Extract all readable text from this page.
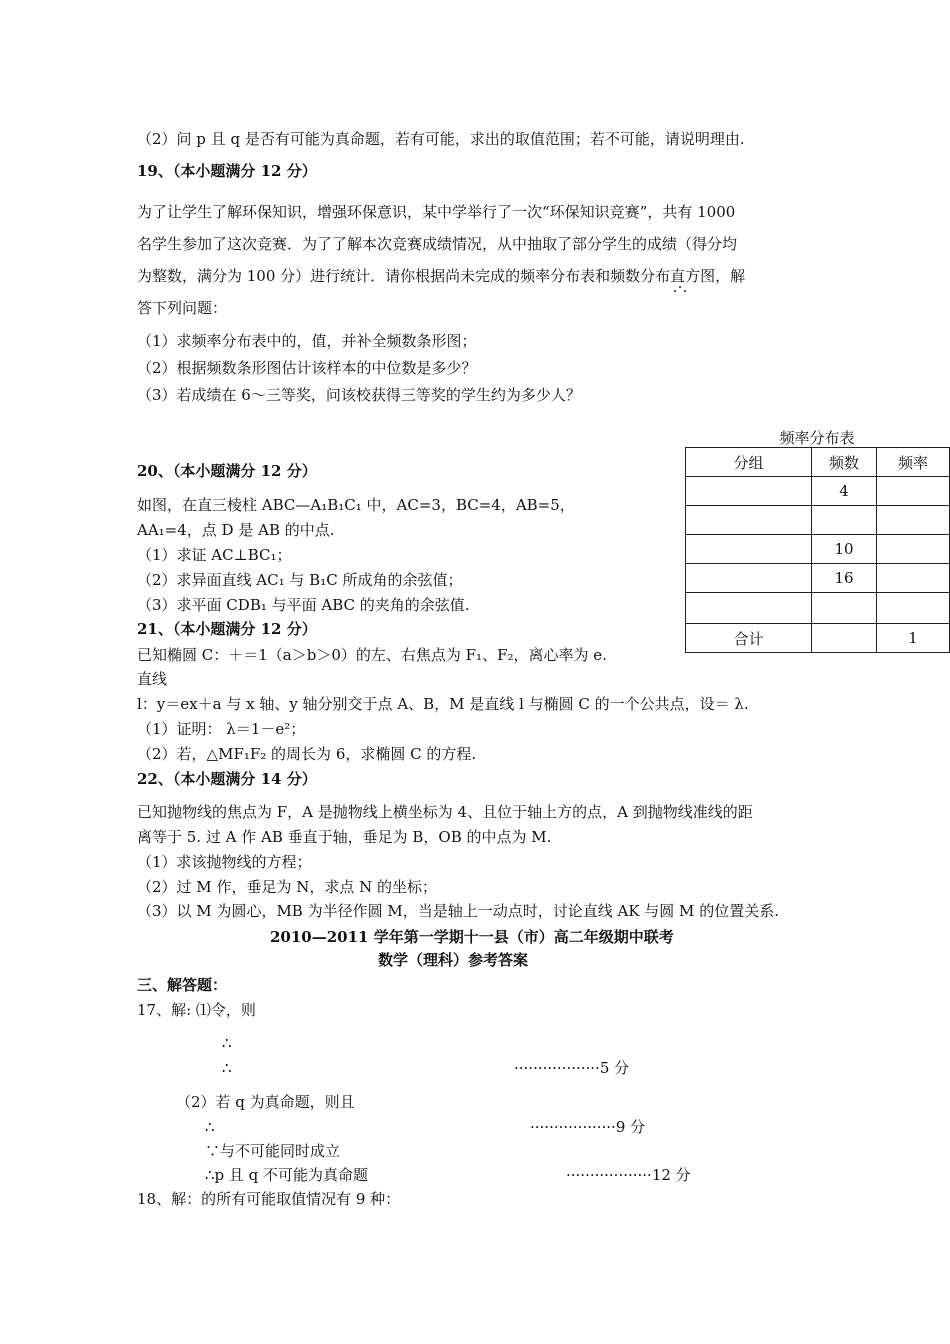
（2）问 p 且 q 是否有可能为真命题，若有可能，求出的取值范围；若不可能，请说明理由.
19、（本小题满分 12 分）
为了让学生了解环保知识，增强环保意识，某中学举行了一次“环保知识竞赛”，共有 1000
名学生参加了这次竞赛．为了了解本次竞赛成绩情况，从中抽取了部分学生的成绩（得分均
为整数，满分为 100 分）进行统计．请你根据尚未完成的频率分布表和频数分布直方图，解
答下列问题：
（1）求频率分布表中的，值，并补全频数条形图；
（2）根据频数条形图估计该样本的中位数是多少？
（3）若成绩在 6～三等奖，问该校获得三等奖的学生约为多少人？
频率分布表
分组	频数	频率
	4	

	10	
	16	

合计		1
20、（本小题满分 12 分）
如图，在直三棱柱 ABC—A₁B₁C₁ 中，AC=3，BC=4，AB=5，
AA₁=4，点 D 是 AB 的中点.
（1）求证 AC⊥BC₁；
（2）求异面直线 AC₁ 与 B₁C 所成角的余弦值；
（3）求平面 CDB₁ 与平面 ABC 的夹角的余弦值.
21、（本小题满分 12 分）
已知椭圆 C：＋＝1（a＞b＞0）的左、右焦点为 F₁、F₂，离心率为 e.
直线
l：y＝ex＋a 与 x 轴、y 轴分别交于点 A、B，M 是直线 l 与椭圆 C 的一个公共点，设＝ λ.
（1）证明： λ＝1－e²；
（2）若，△MF₁F₂ 的周长为 6，求椭圆 C 的方程.
22、（本小题满分 14 分）
已知抛物线的焦点为 F，A 是抛物线上横坐标为 4、且位于轴上方的点，A 到抛物线准线的距
离等于 5. 过 A 作 AB 垂直于轴，垂足为 B，OB 的中点为 M.
（1）求该抛物线的方程；
（2）过 M 作，垂足为 N，求点 N 的坐标；
（3）以 M 为圆心，MB 为半径作圆 M，当是轴上一动点时，讨论直线 AK 与圆 M 的位置关系.
2010—2011 学年第一学期十一县（市）高二年级期中联考
数学（理科）参考答案
三、解答题：
17、解: ⑴令，则
∴
∴	··················5 分
（2）若 q 为真命题，则且
∴	··················9 分
∵与不可能同时成立
∴p 且 q 不可能为真命题	··················12 分
18、解：的所有可能取值情况有 9 种：
